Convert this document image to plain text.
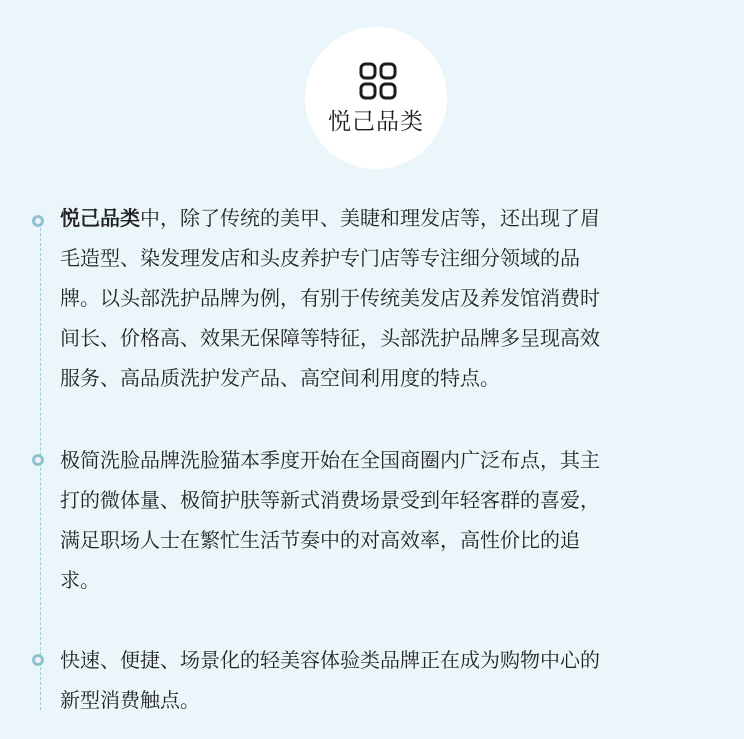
悦己品类

悦己品类中，除了传统的美甲、美睫和理发店等，还出现了眉
毛造型、染发理发店和头皮养护专门店等专注细分领域的品
牌。以头部洗护品牌为例，有别于传统美发店及养发馆消费时
间长、价格高、效果无保障等特征，头部洗护品牌多呈现高效
服务、高品质洗护发产品、高空间利用度的特点。

极简洗脸品牌洗脸猫本季度开始在全国商圈内广泛布点，其主
打的微体量、极简护肤等新式消费场景受到年轻客群的喜爱，
满足职场人士在繁忙生活节奏中的对高效率，高性价比的追
求。

快速、便捷、场景化的轻美容体验类品牌正在成为购物中心的
新型消费触点。
